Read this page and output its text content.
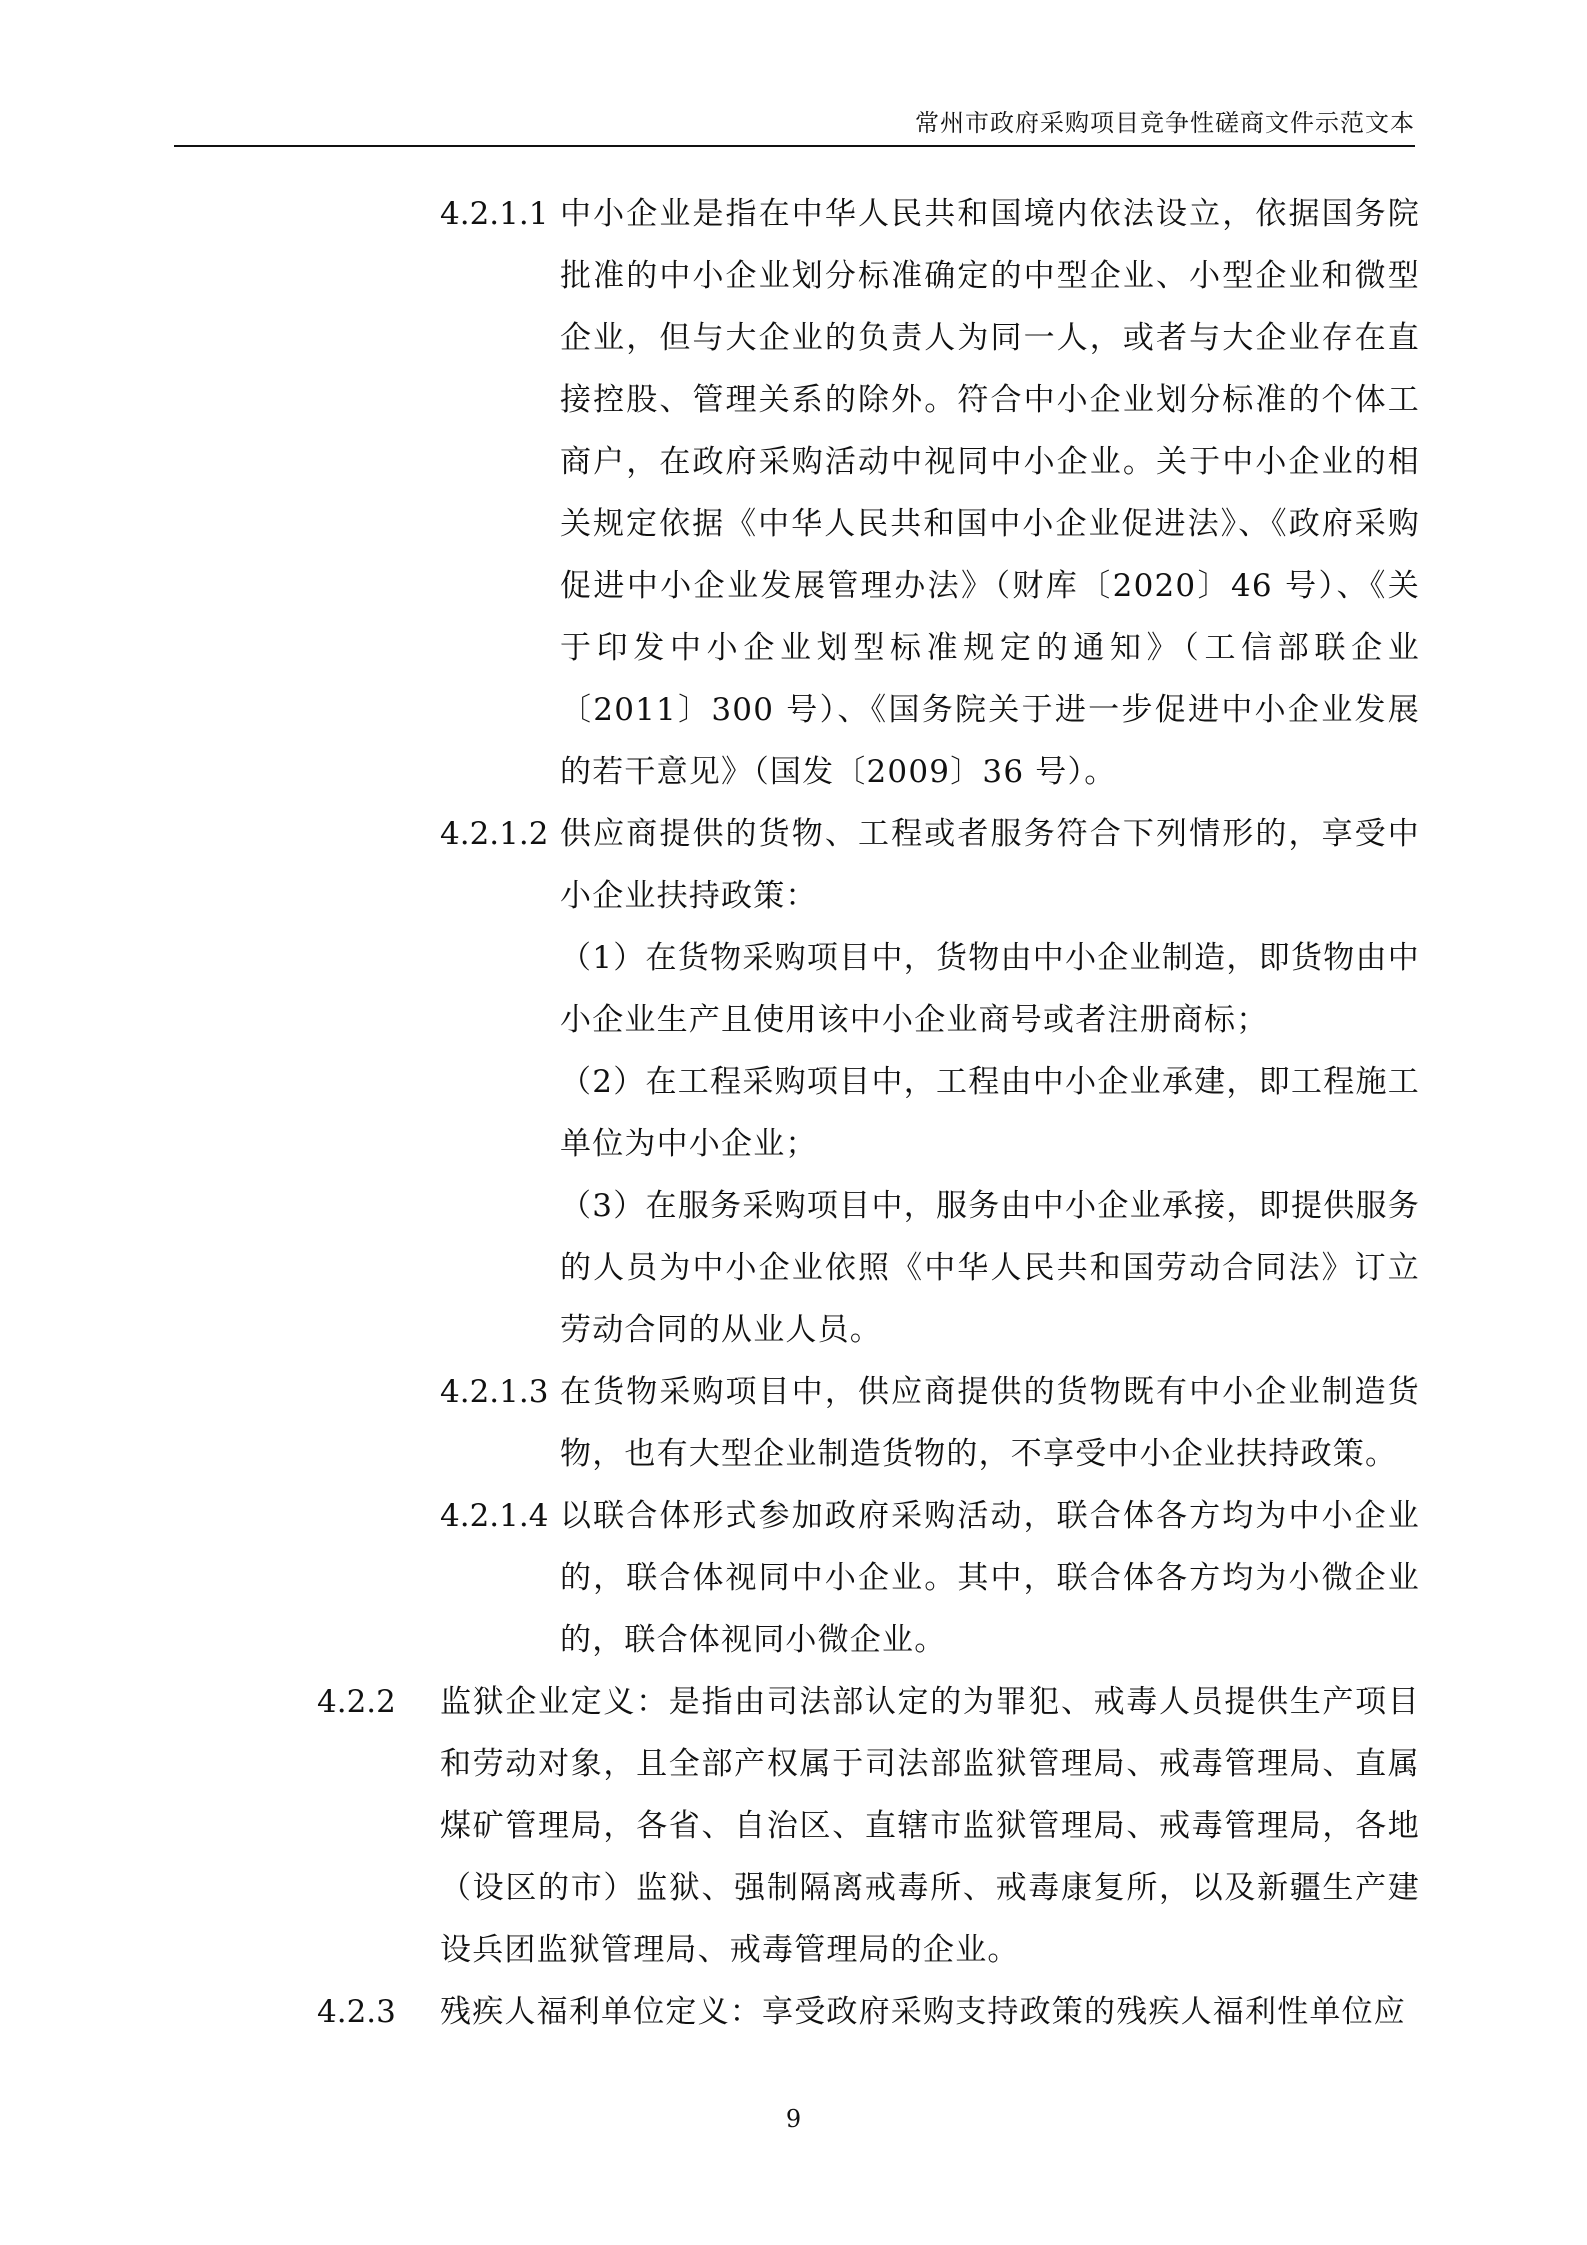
常州市政府采购项目竞争性磋商文件示范文本
4.2.1.1 中小企业是指在中华人民共和国境内依法设立，依据国务院批准的中小企业划分标准确定的中型企业、小型企业和微型企业，但与大企业的负责人为同一人，或者与大企业存在直接控股、管理关系的除外。符合中小企业划分标准的个体工商户，在政府采购活动中视同中小企业。关于中小企业的相关规定依据《中华人民共和国中小企业促进法》、《政府采购促进中小企业发展管理办法》（财库〔2020〕46 号）、《关于印发中小企业划型标准规定的通知》（工信部联企业〔2011〕300 号）、《国务院关于进一步促进中小企业发展的若干意见》（国发〔2009〕36 号）。
4.2.1.2 供应商提供的货物、工程或者服务符合下列情形的，享受中小企业扶持政策：
（1）在货物采购项目中，货物由中小企业制造，即货物由中小企业生产且使用该中小企业商号或者注册商标；
（2）在工程采购项目中，工程由中小企业承建，即工程施工单位为中小企业；
（3）在服务采购项目中，服务由中小企业承接，即提供服务的人员为中小企业依照《中华人民共和国劳动合同法》订立劳动合同的从业人员。
4.2.1.3 在货物采购项目中，供应商提供的货物既有中小企业制造货物，也有大型企业制造货物的，不享受中小企业扶持政策。
4.2.1.4 以联合体形式参加政府采购活动，联合体各方均为中小企业的，联合体视同中小企业。其中，联合体各方均为小微企业的，联合体视同小微企业。
4.2.2 监狱企业定义：是指由司法部认定的为罪犯、戒毒人员提供生产项目和劳动对象，且全部产权属于司法部监狱管理局、戒毒管理局、直属煤矿管理局，各省、自治区、直辖市监狱管理局、戒毒管理局，各地（设区的市）监狱、强制隔离戒毒所、戒毒康复所，以及新疆生产建设兵团监狱管理局、戒毒管理局的企业。
4.2.3 残疾人福利单位定义：享受政府采购支持政策的残疾人福利性单位应
9
